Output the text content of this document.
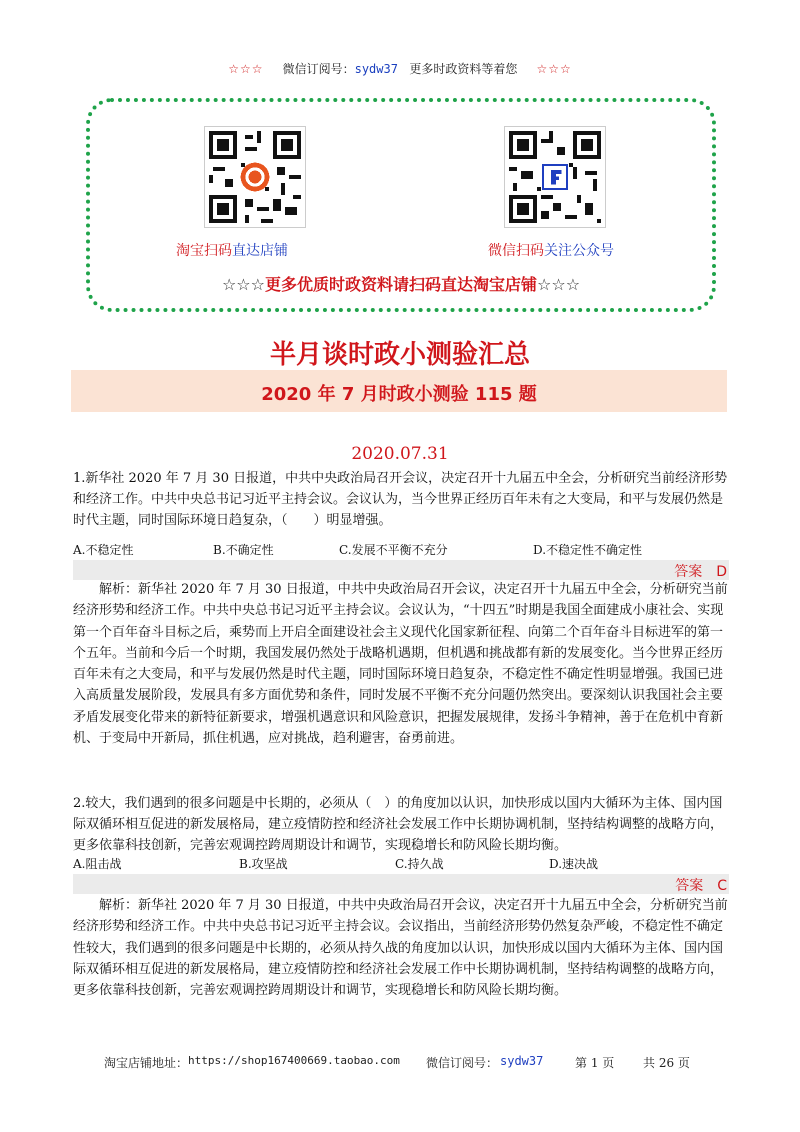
☆☆☆ 微信订阅号：sydw37 更多时政资料等着您 ☆☆☆
淘宝扫码直达店铺	微信扫码关注公众号
☆☆☆更多优质时政资料请扫码直达淘宝店铺☆☆☆
半月谈时政小测验汇总
2020 年 7 月时政小测验 115 题
2020.07.31
1.新华社 2020 年 7 月 30 日报道，中共中央政治局召开会议，决定召开十九届五中全会，分析研究当前经济形势和经济工作。中共中央总书记习近平主持会议。会议认为，当今世界正经历百年未有之大变局，和平与发展仍然是时代主题，同时国际环境日趋复杂，（　　）明显增强。
A.不稳定性	B.不确定性	C.发展不平衡不充分	D.不稳定性不确定性
答案　D
解析：新华社 2020 年 7 月 30 日报道，中共中央政治局召开会议，决定召开十九届五中全会，分析研究当前经济形势和经济工作。中共中央总书记习近平主持会议。会议认为，“十四五”时期是我国全面建成小康社会、实现第一个百年奋斗目标之后，乘势而上开启全面建设社会主义现代化国家新征程、向第二个百年奋斗目标进军的第一个五年。当前和今后一个时期，我国发展仍然处于战略机遇期，但机遇和挑战都有新的发展变化。当今世界正经历百年未有之大变局，和平与发展仍然是时代主题，同时国际环境日趋复杂，不稳定性不确定性明显增强。我国已进入高质量发展阶段，发展具有多方面优势和条件，同时发展不平衡不充分问题仍然突出。要深刻认识我国社会主要矛盾发展变化带来的新特征新要求，增强机遇意识和风险意识，把握发展规律，发扬斗争精神，善于在危机中育新机、于变局中开新局，抓住机遇，应对挑战，趋利避害，奋勇前进。
2.较大，我们遇到的很多问题是中长期的，必须从（　）的角度加以认识，加快形成以国内大循环为主体、国内国际双循环相互促进的新发展格局，建立疫情防控和经济社会发展工作中长期协调机制，坚持结构调整的战略方向，更多依靠科技创新，完善宏观调控跨周期设计和调节，实现稳增长和防风险长期均衡。
A.阻击战	B.攻坚战	C.持久战	D.速决战
答案　C
解析：新华社 2020 年 7 月 30 日报道，中共中央政治局召开会议，决定召开十九届五中全会，分析研究当前经济形势和经济工作。中共中央总书记习近平主持会议。会议指出，当前经济形势仍然复杂严峻，不稳定性不确定性较大，我们遇到的很多问题是中长期的，必须从持久战的角度加以认识，加快形成以国内大循环为主体、国内国际双循环相互促进的新发展格局，建立疫情防控和经济社会发展工作中长期协调机制，坚持结构调整的战略方向，更多依靠科技创新，完善宏观调控跨周期设计和调节，实现稳增长和防风险长期均衡。
淘宝店铺地址： https://shop167400669.taobao.com 微信订阅号： sydw37	第 1 页 共 26 页
